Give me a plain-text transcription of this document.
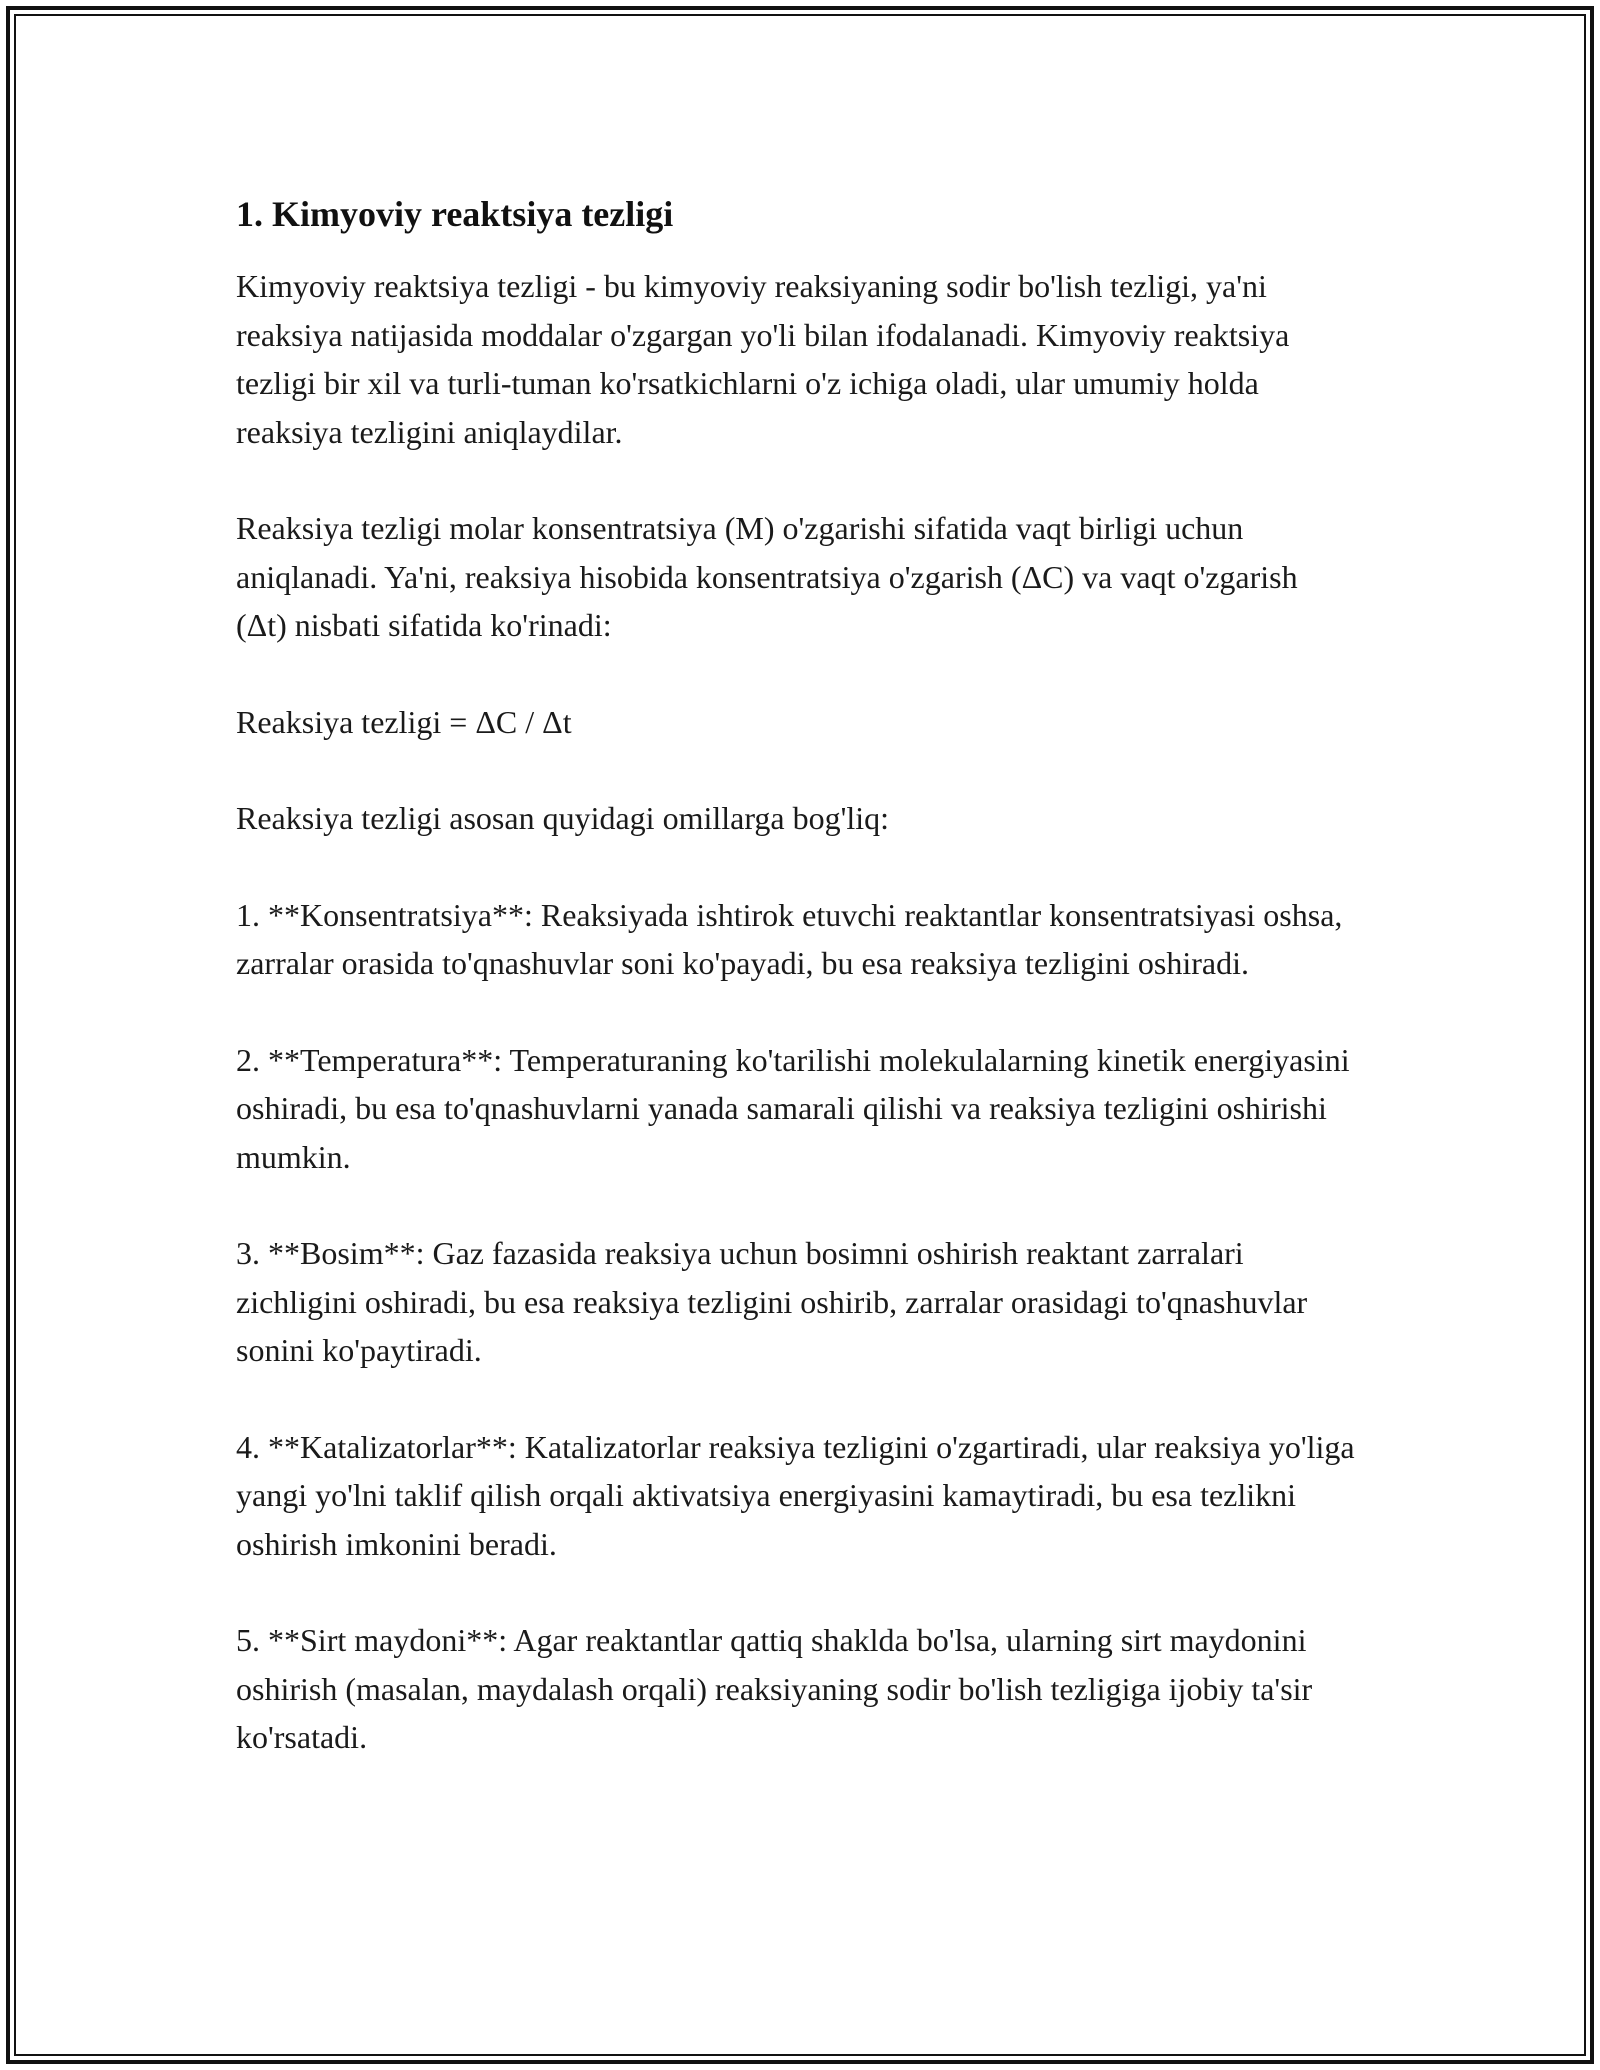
1. Kimyoviy reaktsiya tezligi

Kimyoviy reaktsiya tezligi - bu kimyoviy reaksiyaning sodir bo'lish tezligi, ya'ni reaksiya natijasida moddalar o'zgargan yo'li bilan ifodalanadi. Kimyoviy reaktsiya tezligi bir xil va turli-tuman ko'rsatkichlarni o'z ichiga oladi, ular umumiy holda reaksiya tezligini aniqlaydilar.

Reaksiya tezligi molar konsentratsiya (M) o'zgarishi sifatida vaqt birligi uchun aniqlanadi. Ya'ni, reaksiya hisobida konsentratsiya o'zgarish (ΔC) va vaqt o'zgarish (Δt) nisbati sifatida ko'rinadi:

Reaksiya tezligi = ΔC / Δt

Reaksiya tezligi asosan quyidagi omillarga bog'liq:

1. **Konsentratsiya**: Reaksiyada ishtirok etuvchi reaktantlar konsentratsiyasi oshsa, zarralar orasida to'qnashuvlar soni ko'payadi, bu esa reaksiya tezligini oshiradi.

2. **Temperatura**: Temperaturaning ko'tarilishi molekulalarning kinetik energiyasini oshiradi, bu esa to'qnashuvlarni yanada samarali qilishi va reaksiya tezligini oshirishi mumkin.

3. **Bosim**: Gaz fazasida reaksiya uchun bosimni oshirish reaktant zarralari zichligini oshiradi, bu esa reaksiya tezligini oshirib, zarralar orasidagi to'qnashuvlar sonini ko'paytiradi.

4. **Katalizatorlar**: Katalizatorlar reaksiya tezligini o'zgartiradi, ular reaksiya yo'liga yangi yo'lni taklif qilish orqali aktivatsiya energiyasini kamaytiradi, bu esa tezlikni oshirish imkonini beradi.

5. **Sirt maydoni**: Agar reaktantlar qattiq shaklda bo'lsa, ularning sirt maydonini oshirish (masalan, maydalash orqali) reaksiyaning sodir bo'lish tezligiga ijobiy ta'sir ko'rsatadi.
